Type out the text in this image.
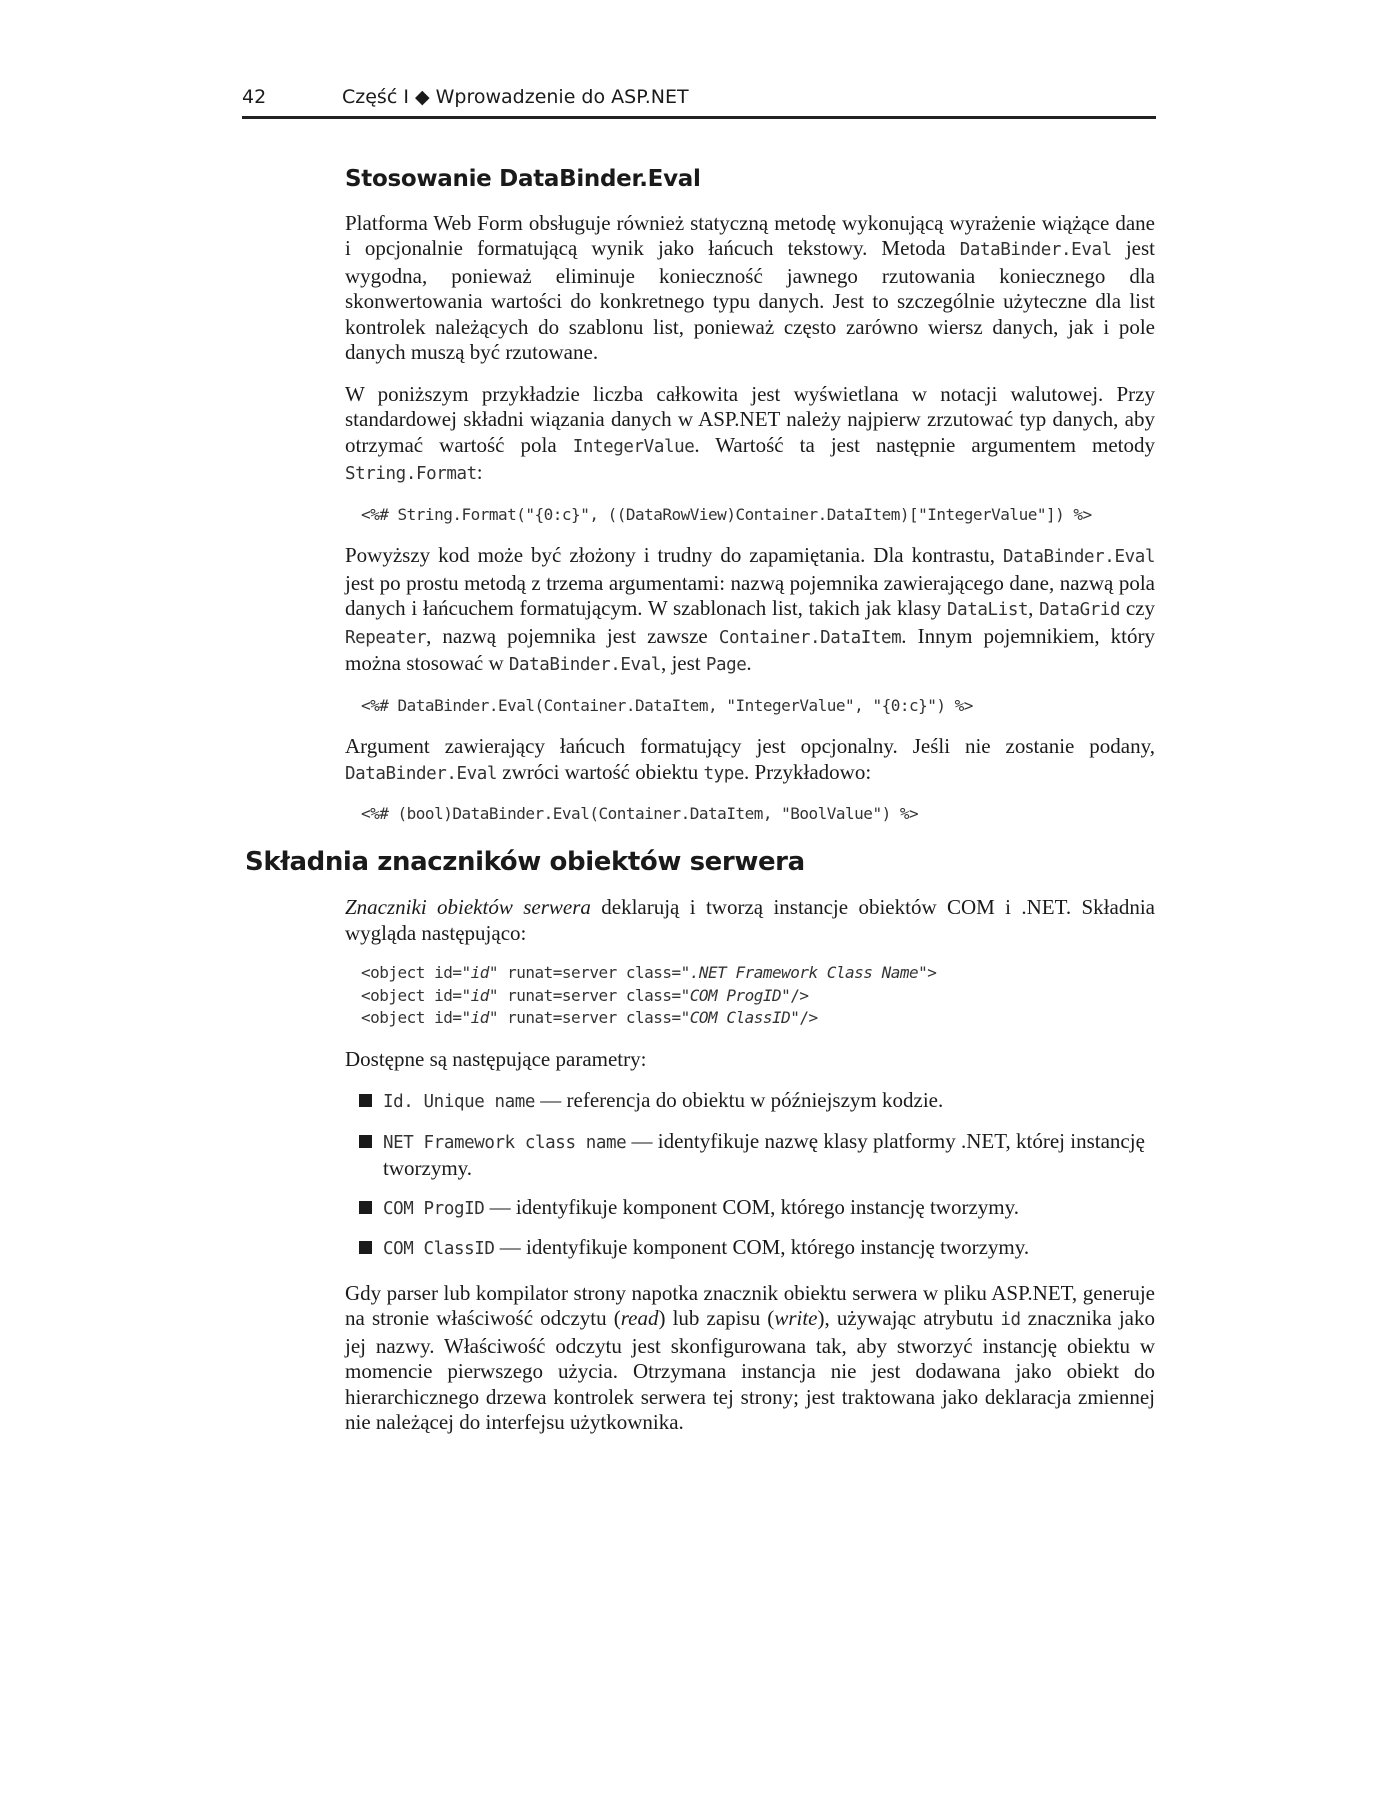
42	Część I ◆ Wprowadzenie do ASP.NET
Stosowanie DataBinder.Eval

Platforma Web Form obsługuje również statyczną metodę wykonującą wyrażenie wiążące dane i opcjonalnie formatującą wynik jako łańcuch tekstowy. Metoda DataBinder.Eval jest wygodna, ponieważ eliminuje konieczność jawnego rzutowania koniecznego dla skonwertowania wartości do konkretnego typu danych. Jest to szczególnie użyteczne dla list kontrolek należących do szablonu list, ponieważ często zarówno wiersz danych, jak i pole danych muszą być rzutowane.

W poniższym przykładzie liczba całkowita jest wyświetlana w notacji walutowej. Przy standardowej składni wiązania danych w ASP.NET należy najpierw zrzutować typ danych, aby otrzymać wartość pola IntegerValue. Wartość ta jest następnie argumentem metody String.Format:

<%# String.Format("{0:c}", ((DataRowView)Container.DataItem)["IntegerValue"]) %>

Powyższy kod może być złożony i trudny do zapamiętania. Dla kontrastu, DataBinder.Eval jest po prostu metodą z trzema argumentami: nazwą pojemnika zawierającego dane, nazwą pola danych i łańcuchem formatującym. W szablonach list, takich jak klasy DataList, DataGrid czy Repeater, nazwą pojemnika jest zawsze Container.DataItem. Innym pojemnikiem, który można stosować w DataBinder.Eval, jest Page.

<%# DataBinder.Eval(Container.DataItem, "IntegerValue", "{0:c}") %>

Argument zawierający łańcuch formatujący jest opcjonalny. Jeśli nie zostanie podany, DataBinder.Eval zwróci wartość obiektu type. Przykładowo:

<%# (bool)DataBinder.Eval(Container.DataItem, "BoolValue") %>
Składnia znaczników obiektów serwera

Znaczniki obiektów serwera deklarują i tworzą instancje obiektów COM i .NET. Składnia wygląda następująco:

<object id="id" runat=server class=".NET Framework Class Name">
<object id="id" runat=server class="COM ProgID"/>
<object id="id" runat=server class="COM ClassID"/>

Dostępne są następujące parametry:

Id. Unique name — referencja do obiektu w późniejszym kodzie.
NET Framework class name — identyfikuje nazwę klasy platformy .NET, której instancję tworzymy.
COM ProgID — identyfikuje komponent COM, którego instancję tworzymy.
COM ClassID — identyfikuje komponent COM, którego instancję tworzymy.

Gdy parser lub kompilator strony napotka znacznik obiektu serwera w pliku ASP.NET, generuje na stronie właściwość odczytu (read) lub zapisu (write), używając atrybutu id znacznika jako jej nazwy. Właściwość odczytu jest skonfigurowana tak, aby stworzyć instancję obiektu w momencie pierwszego użycia. Otrzymana instancja nie jest dodawana jako obiekt do hierarchicznego drzewa kontrolek serwera tej strony; jest traktowana jako deklaracja zmiennej nie należącej do interfejsu użytkownika.
